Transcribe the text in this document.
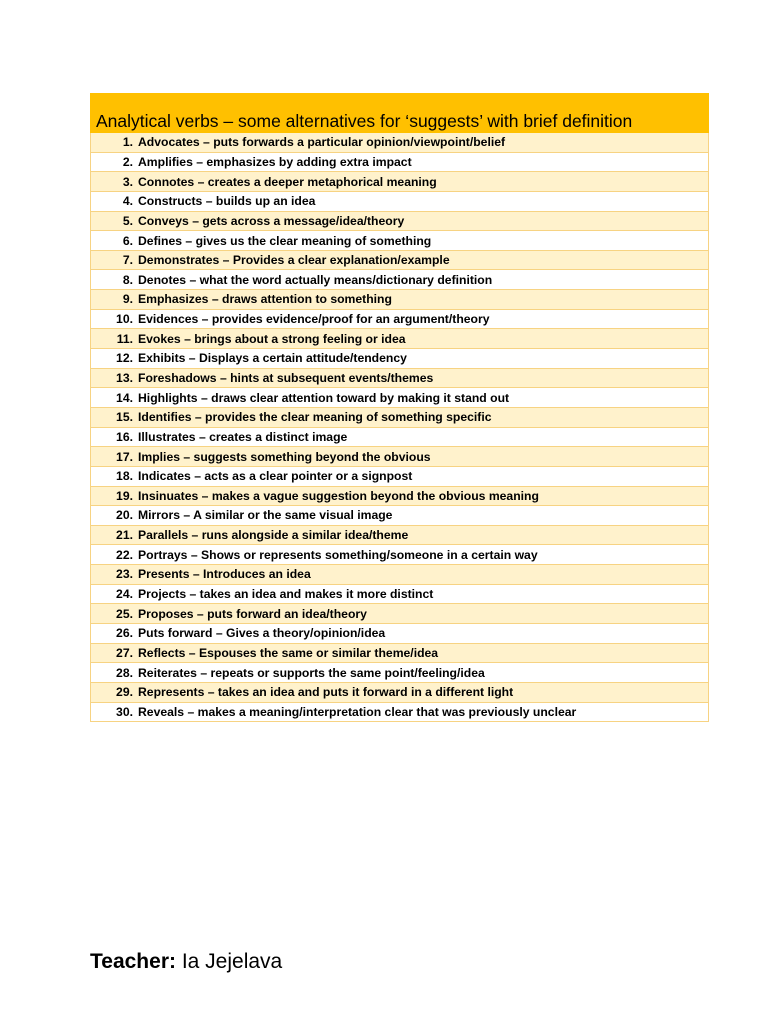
Analytical verbs – some alternatives for ‘suggests’ with brief definition
1. Advocates – puts forwards a particular opinion/viewpoint/belief
2. Amplifies – emphasizes by adding extra impact
3. Connotes – creates a deeper metaphorical meaning
4. Constructs – builds up an idea
5. Conveys – gets across a message/idea/theory
6. Defines – gives us the clear meaning of something
7. Demonstrates – Provides a clear explanation/example
8. Denotes – what the word actually means/dictionary definition
9. Emphasizes – draws attention to something
10. Evidences – provides evidence/proof for an argument/theory
11. Evokes – brings about a strong feeling or idea
12. Exhibits – Displays a certain attitude/tendency
13. Foreshadows – hints at subsequent events/themes
14. Highlights – draws clear attention toward by making it stand out
15. Identifies – provides the clear meaning of something specific
16. Illustrates – creates a distinct image
17. Implies – suggests something beyond the obvious
18. Indicates – acts as a clear pointer or a signpost
19. Insinuates – makes a vague suggestion beyond the obvious meaning
20. Mirrors – A similar or the same visual image
21. Parallels – runs alongside a similar idea/theme
22. Portrays – Shows or represents something/someone in a certain way
23. Presents – Introduces an idea
24. Projects – takes an idea and makes it more distinct
25. Proposes – puts forward an idea/theory
26. Puts forward – Gives a theory/opinion/idea
27. Reflects – Espouses the same or similar theme/idea
28. Reiterates – repeats or supports the same point/feeling/idea
29. Represents – takes an idea and puts it forward in a different light
30. Reveals – makes a meaning/interpretation clear that was previously unclear
Teacher: Ia Jejelava
